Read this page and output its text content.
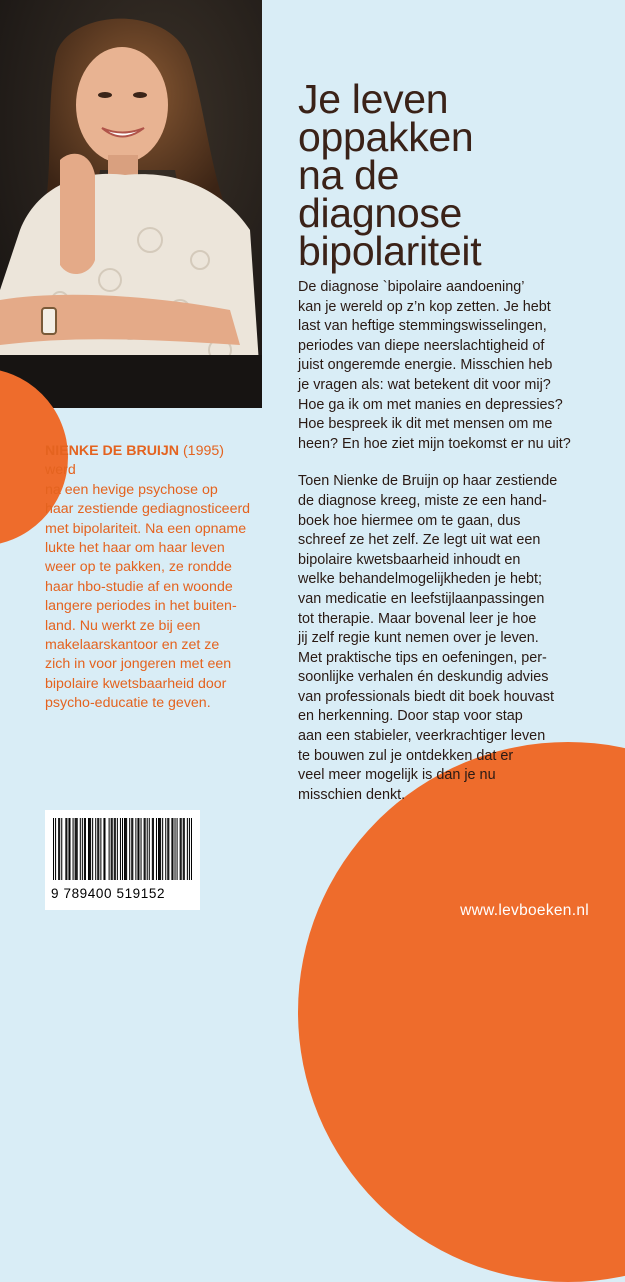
Je leven
oppakken
na de
diagnose
bipolariteit

De diagnose `bipolaire aandoening’
kan je wereld op z’n kop zetten. Je hebt
last van heftige stemmingswisselingen,
periodes van diepe neerslachtigheid of
juist ongeremde energie. Misschien heb
je vragen als: wat betekent dit voor mij?
Hoe ga ik om met manies en depressies?
Hoe bespreek ik dit met mensen om me
heen? En hoe ziet mijn toekomst er nu uit?

Toen Nienke de Bruijn op haar zestiende
de diagnose kreeg, miste ze een hand-
boek hoe hiermee om te gaan, dus
schreef ze het zelf. Ze legt uit wat een
bipolaire kwetsbaarheid inhoudt en
welke behandelmogelijkheden je hebt;
van medicatie en leefstijlaanpassingen
tot therapie. Maar bovenal leer je hoe
jij zelf regie kunt nemen over je leven.
Met praktische tips en oefeningen, per-
soonlijke verhalen én deskundig advies
van professionals biedt dit boek houvast
en herkenning. Door stap voor stap
aan een stabieler, veerkrachtiger leven
te bouwen zul je ontdekken dat er
veel meer mogelijk is dan je nu
misschien denkt.

NIENKE DE BRUIJN (1995) werd
na een hevige psychose op
haar zestiende gediagnosticeerd
met bipolariteit. Na een opname
lukte het haar om haar leven
weer op te pakken, ze rondde
haar hbo-studie af en woonde
langere periodes in het buiten-
land. Nu werkt ze bij een
makelaarskantoor en zet ze
zich in voor jongeren met een
bipolaire kwetsbaarheid door
psycho-educatie te geven.

9 789400 519152
www.levboeken.nl
